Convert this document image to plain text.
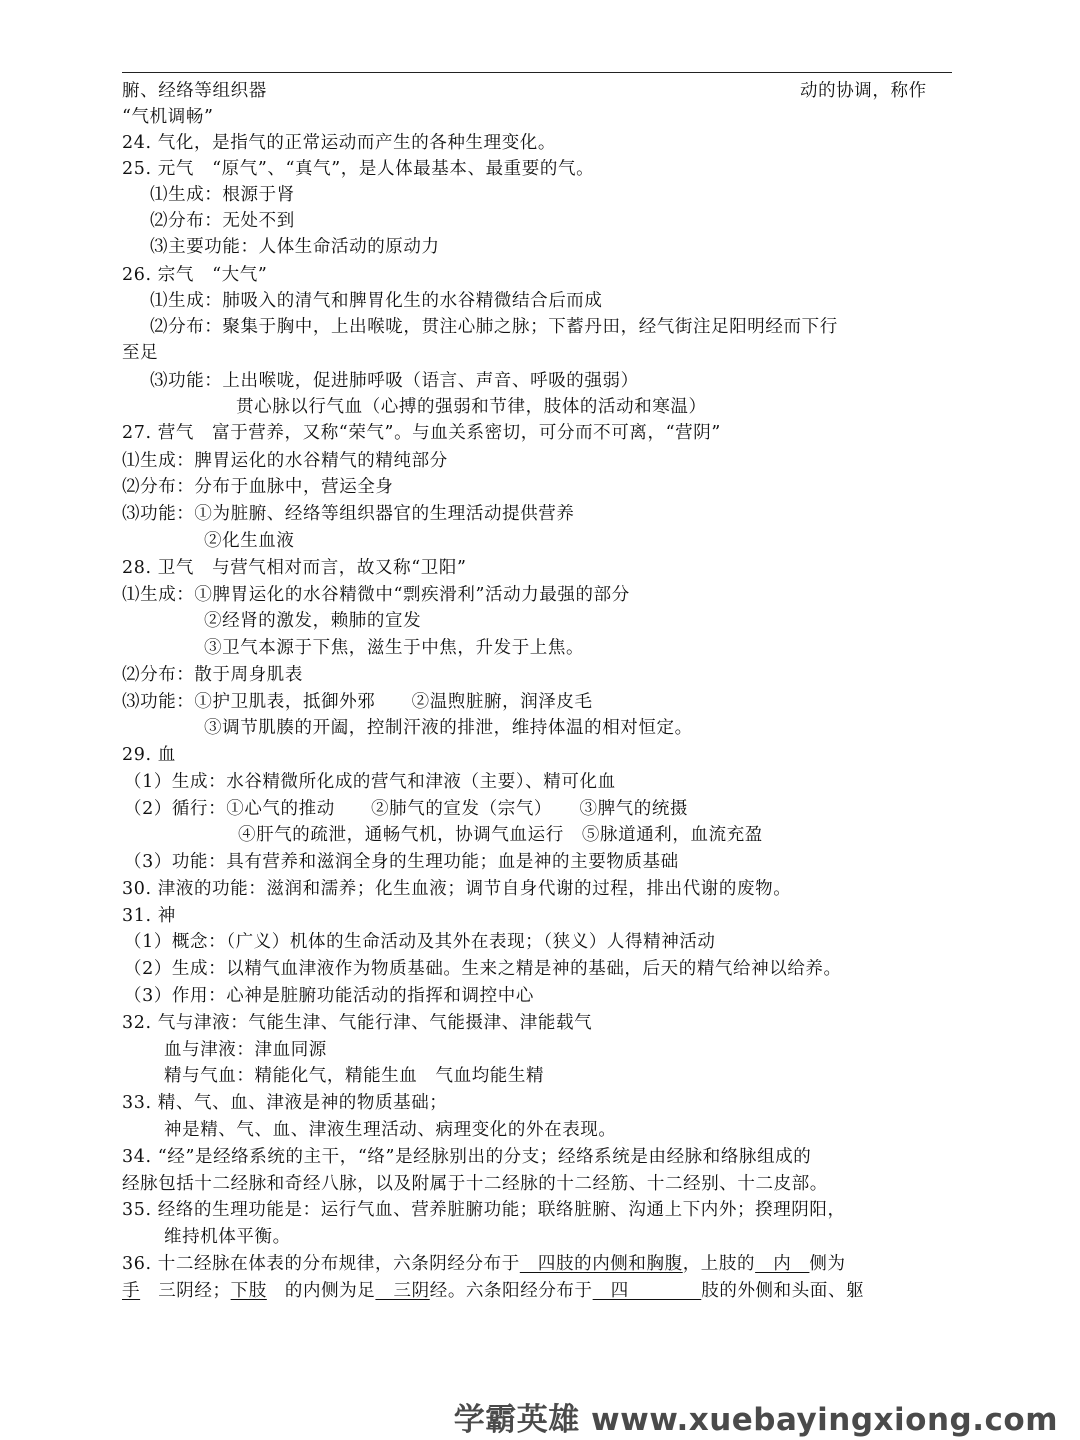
腑、经络等组织器	动的协调，称作
“气机调畅”
24. 气化，是指气的正常运动而产生的各种生理变化。
25. 元气　“原气”、“真气”，是人体最基本、最重要的气。
⑴生成：根源于肾
⑵分布：无处不到
⑶主要功能：人体生命活动的原动力
26. 宗气　“大气”
⑴生成：肺吸入的清气和脾胃化生的水谷精微结合后而成
⑵分布：聚集于胸中，上出喉咙，贯注心肺之脉；下蓄丹田，经气街注足阳明经而下行
至足
⑶功能：上出喉咙，促进肺呼吸（语言、声音、呼吸的强弱）
贯心脉以行气血（心搏的强弱和节律，肢体的活动和寒温）
27. 营气　富于营养，又称“荣气”。与血关系密切，可分而不可离，“营阴”
⑴生成：脾胃运化的水谷精气的精纯部分
⑵分布：分布于血脉中，营运全身
⑶功能：①为脏腑、经络等组织器官的生理活动提供营养
②化生血液
28. 卫气　与营气相对而言，故又称“卫阳”
⑴生成：①脾胃运化的水谷精微中“剽疾滑利”活动力最强的部分
②经肾的激发，赖肺的宣发
③卫气本源于下焦，滋生于中焦，升发于上焦。
⑵分布：散于周身肌表
⑶功能：①护卫肌表，抵御外邪　　②温煦脏腑，润泽皮毛
③调节肌腠的开阖，控制汗液的排泄，维持体温的相对恒定。
29. 血
（1）生成：水谷精微所化成的营气和津液（主要）、精可化血
（2）循行：①心气的推动　　②肺气的宣发（宗气）　　③脾气的统摄
④肝气的疏泄，通畅气机，协调气血运行　⑤脉道通利，血流充盈
（3）功能：具有营养和滋润全身的生理功能；血是神的主要物质基础
30. 津液的功能：滋润和濡养；化生血液；调节自身代谢的过程，排出代谢的废物。
31. 神
（1）概念：（广义）机体的生命活动及其外在表现；（狭义）人得精神活动
（2）生成：以精气血津液作为物质基础。生来之精是神的基础，后天的精气给神以给养。
（3）作用：心神是脏腑功能活动的指挥和调控中心
32. 气与津液：气能生津、气能行津、气能摄津、津能载气
血与津液：津血同源
精与气血：精能化气，精能生血　气血均能生精
33. 精、气、血、津液是神的物质基础；
神是精、气、血、津液生理活动、病理变化的外在表现。
34. “经”是经络系统的主干，“络”是经脉别出的分支；经络系统是由经脉和络脉组成的
经脉包括十二经脉和奇经八脉，以及附属于十二经脉的十二经筋、十二经别、十二皮部。
35. 经络的生理功能是：运行气血、营养脏腑功能；联络脏腑、沟通上下内外；揆理阴阳，
维持机体平衡。
36. 十二经脉在体表的分布规律，六条阴经分布于　四肢的内侧和胸腹，上肢的　内　侧为
手　三阴经；下肢　的内侧为足　三阴经。六条阳经分布于　四　　　　肢的外侧和头面、躯
学霸英雄 www.xuebayingxiong.com
